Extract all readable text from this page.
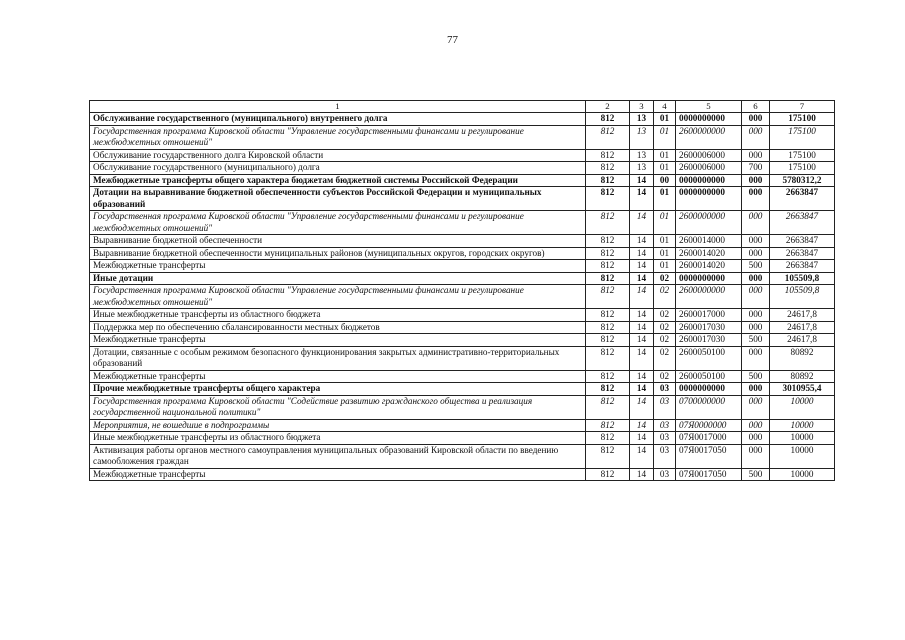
77
1	2	3	4	5	6	7
Обслуживание государственного (муниципального) внутреннего долга	812	13	01	0000000000	000	175100
Государственная программа Кировской области "Управление государственными финансами и регулирование межбюджетных отношений"	812	13	01	2600000000	000	175100
Обслуживание государственного долга Кировской области	812	13	01	2600006000	000	175100
Обслуживание государственного (муниципального) долга	812	13	01	2600006000	700	175100
Межбюджетные трансферты общего характера бюджетам бюджетной системы Российской Федерации	812	14	00	0000000000	000	5780312,2
Дотации на выравнивание бюджетной обеспеченности субъектов Российской Федерации и муниципальных образований	812	14	01	0000000000	000	2663847
Государственная программа Кировской области "Управление государственными финансами и регулирование межбюджетных отношений"	812	14	01	2600000000	000	2663847
Выравнивание бюджетной обеспеченности	812	14	01	2600014000	000	2663847
Выравнивание бюджетной обеспеченности муниципальных районов (муниципальных округов, городских округов)	812	14	01	2600014020	000	2663847
Межбюджетные трансферты	812	14	01	2600014020	500	2663847
Иные дотации	812	14	02	0000000000	000	105509,8
Государственная программа Кировской области "Управление государственными финансами и регулирование межбюджетных отношений"	812	14	02	2600000000	000	105509,8
Иные межбюджетные трансферты из областного бюджета	812	14	02	2600017000	000	24617,8
Поддержка мер по обеспечению сбалансированности местных бюджетов	812	14	02	2600017030	000	24617,8
Межбюджетные трансферты	812	14	02	2600017030	500	24617,8
Дотации, связанные с особым режимом безопасного функционирования закрытых административно-территориальных образований	812	14	02	2600050100	000	80892
Межбюджетные трансферты	812	14	02	2600050100	500	80892
Прочие межбюджетные трансферты общего характера	812	14	03	0000000000	000	3010955,4
Государственная программа Кировской области "Содействие развитию гражданского общества и реализация государственной национальной политики"	812	14	03	0700000000	000	10000
Мероприятия, не вошедшие в подпрограммы	812	14	03	07Я0000000	000	10000
Иные межбюджетные трансферты из областного бюджета	812	14	03	07Я0017000	000	10000
Активизация работы органов местного самоуправления муниципальных образований Кировской области по введению самообложения граждан	812	14	03	07Я0017050	000	10000
Межбюджетные трансферты	812	14	03	07Я0017050	500	10000
